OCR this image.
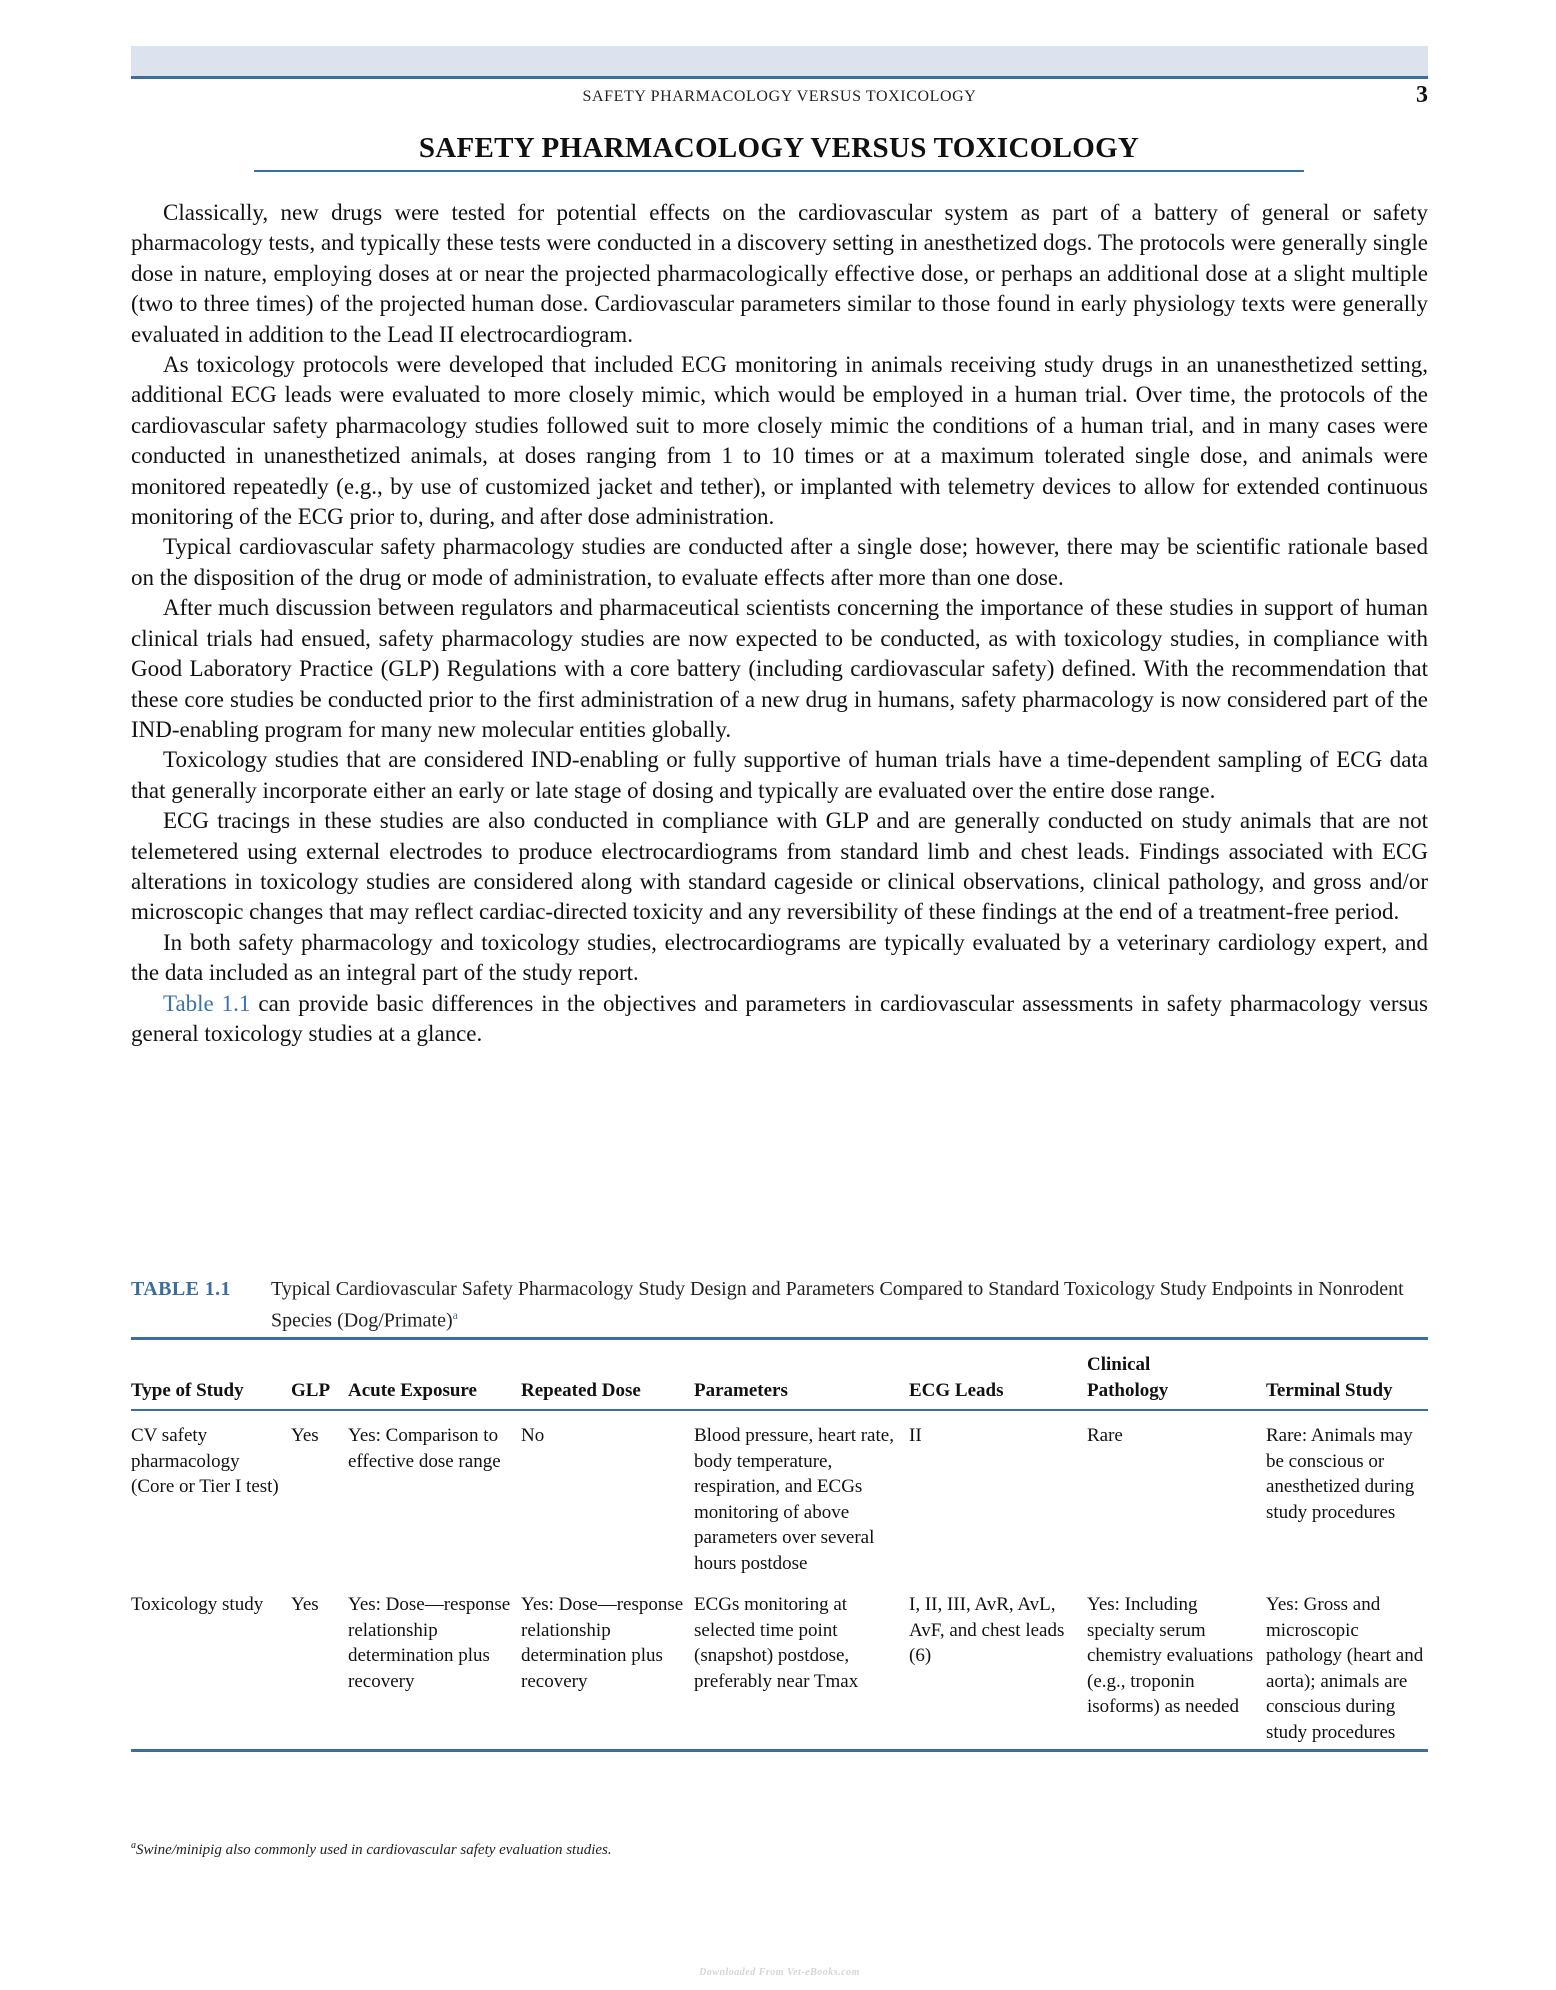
SAFETY PHARMACOLOGY VERSUS TOXICOLOGY	3
SAFETY PHARMACOLOGY VERSUS TOXICOLOGY

Classically, new drugs were tested for potential effects on the cardiovascular system as part of a battery of general or safety pharmacology tests, and typically these tests were conducted in a discovery setting in anesthetized dogs. The protocols were generally single dose in nature, employing doses at or near the projected pharmacologically effective dose, or perhaps an additional dose at a slight multiple (two to three times) of the projected human dose. Cardiovascular parameters similar to those found in early physiology texts were generally evaluated in addition to the Lead II electrocardiogram.

As toxicology protocols were developed that included ECG monitoring in animals receiving study drugs in an unanesthetized setting, additional ECG leads were evaluated to more closely mimic, which would be employed in a human trial. Over time, the protocols of the cardiovascular safety pharmacology studies followed suit to more closely mimic the conditions of a human trial, and in many cases were conducted in unanesthetized animals, at doses ranging from 1 to 10 times or at a maximum tolerated single dose, and animals were monitored repeatedly (e.g., by use of customized jacket and tether), or implanted with telemetry devices to allow for extended continuous monitoring of the ECG prior to, during, and after dose administration.

Typical cardiovascular safety pharmacology studies are conducted after a single dose; however, there may be scientific rationale based on the disposition of the drug or mode of administration, to evaluate effects after more than one dose.

After much discussion between regulators and pharmaceutical scientists concerning the importance of these studies in support of human clinical trials had ensued, safety pharmacology studies are now expected to be conducted, as with toxicology studies, in compliance with Good Laboratory Practice (GLP) Regulations with a core battery (including cardiovascular safety) defined. With the recommendation that these core studies be conducted prior to the first administration of a new drug in humans, safety pharmacology is now considered part of the IND-enabling program for many new molecular entities globally.

Toxicology studies that are considered IND-enabling or fully supportive of human trials have a time-dependent sampling of ECG data that generally incorporate either an early or late stage of dosing and typically are evaluated over the entire dose range.

ECG tracings in these studies are also conducted in compliance with GLP and are generally conducted on study animals that are not telemetered using external electrodes to produce electrocardiograms from standard limb and chest leads. Findings associated with ECG alterations in toxicology studies are considered along with standard cageside or clinical observations, clinical pathology, and gross and/or microscopic changes that may reflect cardiac-directed toxicity and any reversibility of these findings at the end of a treatment-free period.

In both safety pharmacology and toxicology studies, electrocardiograms are typically evaluated by a veterinary cardiology expert, and the data included as an integral part of the study report.

Table 1.1 can provide basic differences in the objectives and parameters in cardiovascular assessments in safety pharmacology versus general toxicology studies at a glance.

TABLE 1.1	Typical Cardiovascular Safety Pharmacology Study Design and Parameters Compared to Standard Toxicology Study Endpoints in Nonrodent Species (Dog/Primate)$^a$
Type of Study	GLP	Acute Exposure	Repeated Dose	Parameters	ECG Leads	Clinical Pathology	Terminal Study
CV safety pharmacology (Core or Tier I test)	Yes	Yes: Comparison to effective dose range	No	Blood pressure, heart rate, body temperature, respiration, and ECGs monitoring of above parameters over several hours postdose	II	Rare	Rare: Animals may be conscious or anesthetized during study procedures
Toxicology study	Yes	Yes: Dose—response relationship determination plus recovery	Yes: Dose—response relationship determination plus recovery	ECGs monitoring at selected time point (snapshot) postdose, preferably near Tmax	I, II, III, AvR, AvL, AvF, and chest leads (6)	Yes: Including specialty serum chemistry evaluations (e.g., troponin isoforms) as needed	Yes: Gross and microscopic pathology (heart and aorta); animals are conscious during study procedures
$^a$Swine/minipig also commonly used in cardiovascular safety evaluation studies.
Downloaded From Vet-eBooks.com
